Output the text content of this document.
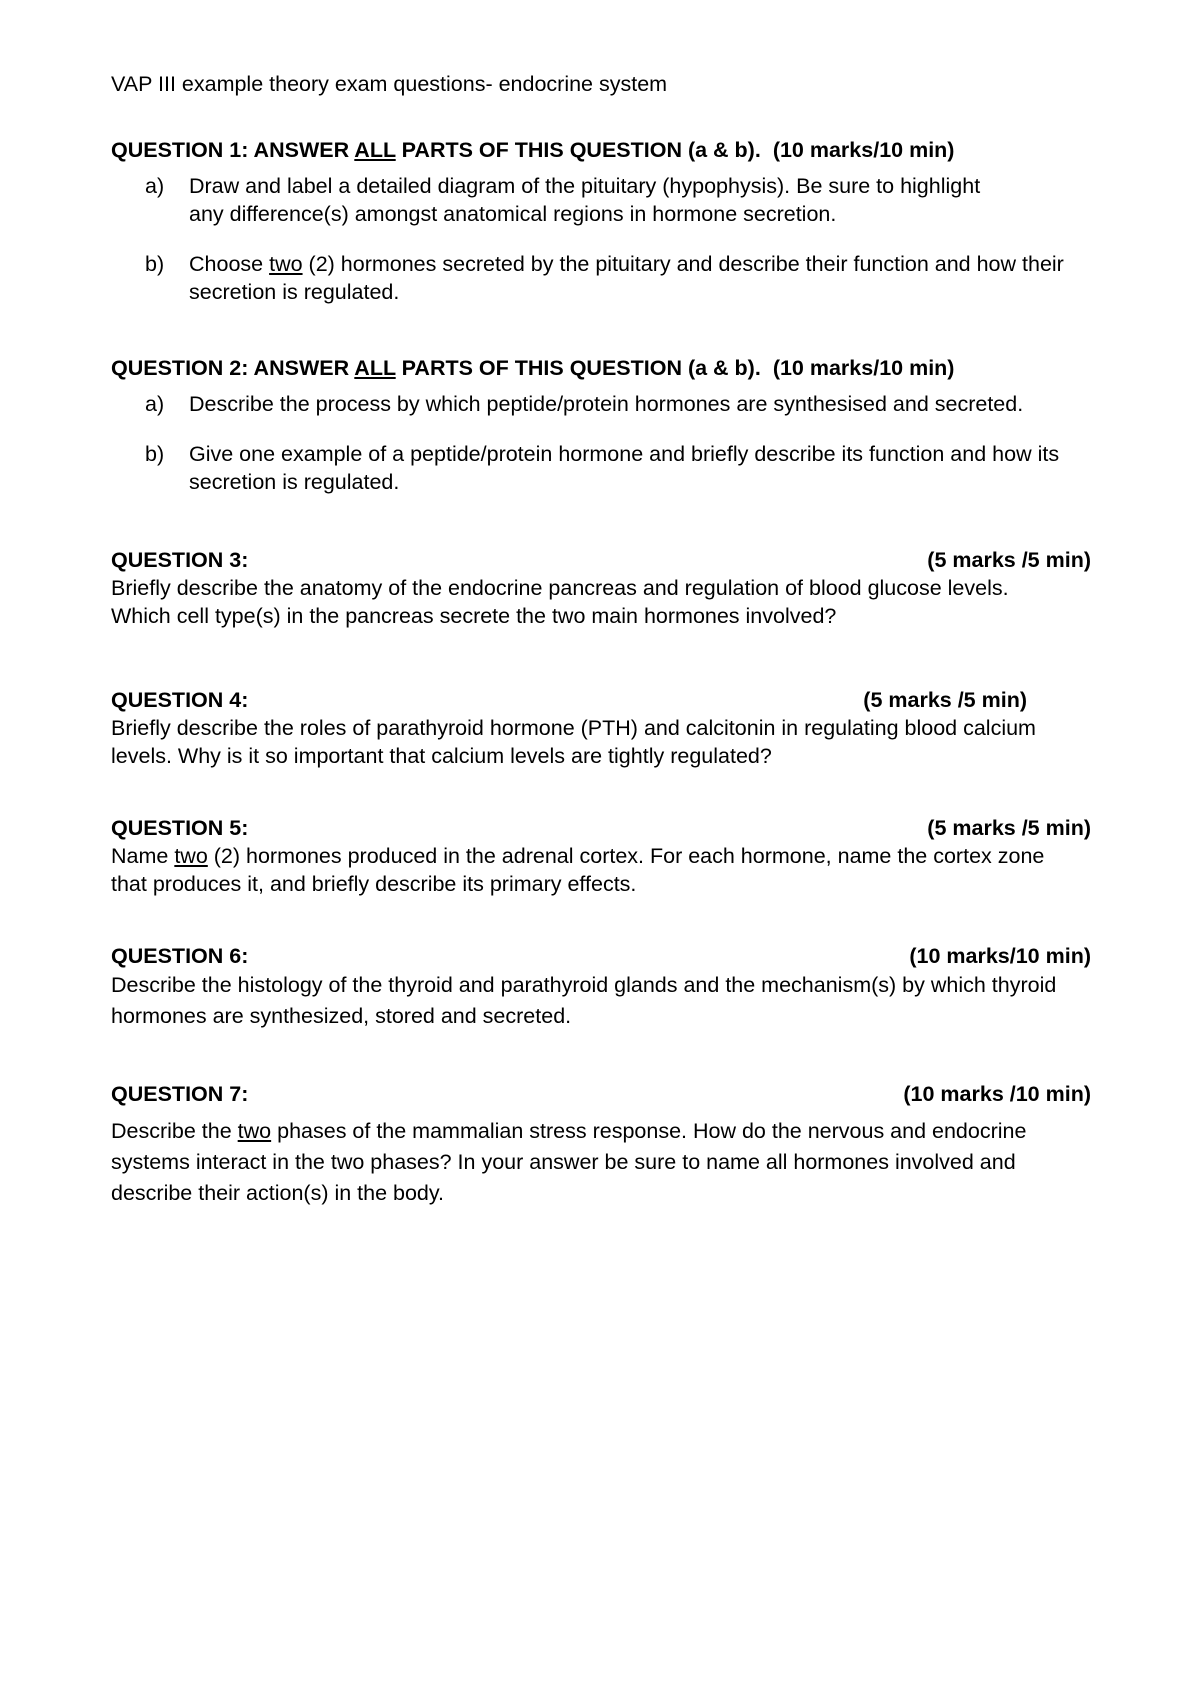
VAP III example theory exam questions- endocrine system
QUESTION 1: ANSWER ALL PARTS OF THIS QUESTION (a & b). (10 marks/10 min)
a)	Draw and label a detailed diagram of the pituitary (hypophysis). Be sure to highlight any difference(s) amongst anatomical regions in hormone secretion.
b)	Choose two (2) hormones secreted by the pituitary and describe their function and how their secretion is regulated.
QUESTION 2: ANSWER ALL PARTS OF THIS QUESTION (a & b). (10 marks/10 min)
a)	Describe the process by which peptide/protein hormones are synthesised and secreted.
b)	Give one example of a peptide/protein hormone and briefly describe its function and how its secretion is regulated.
QUESTION 3:	(5 marks /5 min)

Briefly describe the anatomy of the endocrine pancreas and regulation of blood glucose levels. Which cell type(s) in the pancreas secrete the two main hormones involved?

QUESTION 4:	(5 marks /5 min)

Briefly describe the roles of parathyroid hormone (PTH) and calcitonin in regulating blood calcium levels. Why is it so important that calcium levels are tightly regulated?

QUESTION 5:	(5 marks /5 min)

Name two (2) hormones produced in the adrenal cortex. For each hormone, name the cortex zone that produces it, and briefly describe its primary effects.

QUESTION 6:	(10 marks/10 min)

Describe the histology of the thyroid and parathyroid glands and the mechanism(s) by which thyroid hormones are synthesized, stored and secreted.

QUESTION 7:	(10 marks /10 min)

Describe the two phases of the mammalian stress response. How do the nervous and endocrine systems interact in the two phases? In your answer be sure to name all hormones involved and describe their action(s) in the body.
